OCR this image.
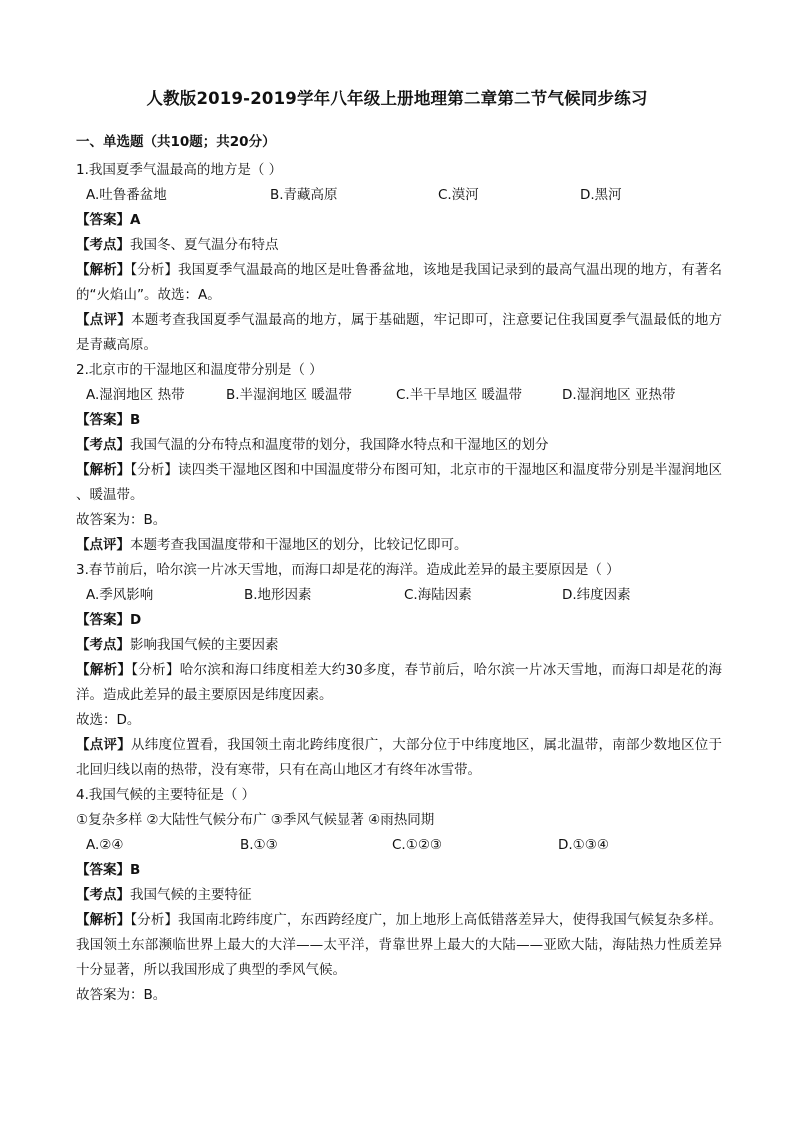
人教版2019-2019学年八年级上册地理第二章第二节气候同步练习
一、单选题（共10题；共20分）
1.我国夏季气温最高的地方是（ ）
A.吐鲁番盆地	B.青藏高原	C.漠河	D.黑河
【答案】A
【考点】我国冬、夏气温分布特点
【解析】【分析】我国夏季气温最高的地区是吐鲁番盆地，该地是我国记录到的最高气温出现的地方，有著名的“火焰山”。故选：A。
【点评】本题考查我国夏季气温最高的地方，属于基础题，牢记即可，注意要记住我国夏季气温最低的地方是青藏高原。
2.北京市的干湿地区和温度带分别是（ ）
A.湿润地区 热带	B.半湿润地区 暖温带	C.半干旱地区 暖温带	D.湿润地区 亚热带
【答案】B
【考点】我国气温的分布特点和温度带的划分，我国降水特点和干湿地区的划分
【解析】【分析】读四类干湿地区图和中国温度带分布图可知，北京市的干湿地区和温度带分别是半湿润地区 、暖温带。
故答案为：B。
【点评】本题考查我国温度带和干湿地区的划分，比较记忆即可。
3.春节前后，哈尔滨一片冰天雪地，而海口却是花的海洋。造成此差异的最主要原因是（ ）
A.季风影响	B.地形因素	C.海陆因素	D.纬度因素
【答案】D
【考点】影响我国气候的主要因素
【解析】【分析】哈尔滨和海口纬度相差大约30多度，春节前后，哈尔滨一片冰天雪地，而海口却是花的海洋。造成此差异的最主要原因是纬度因素。
故选：D。
【点评】从纬度位置看，我国领土南北跨纬度很广，大部分位于中纬度地区，属北温带，南部少数地区位于北回归线以南的热带，没有寒带，只有在高山地区才有终年冰雪带。
4.我国气候的主要特征是（ ）
①复杂多样 ②大陆性气候分布广 ③季风气候显著 ④雨热同期
A.②④	B.①③	C.①②③	D.①③④
【答案】B
【考点】我国气候的主要特征
【解析】【分析】我国南北跨纬度广，东西跨经度广，加上地形上高低错落差异大，使得我国气候复杂多样。我国领土东部濒临世界上最大的大洋——太平洋，背靠世界上最大的大陆——亚欧大陆，海陆热力性质差异十分显著，所以我国形成了典型的季风气候。
故答案为：B。
